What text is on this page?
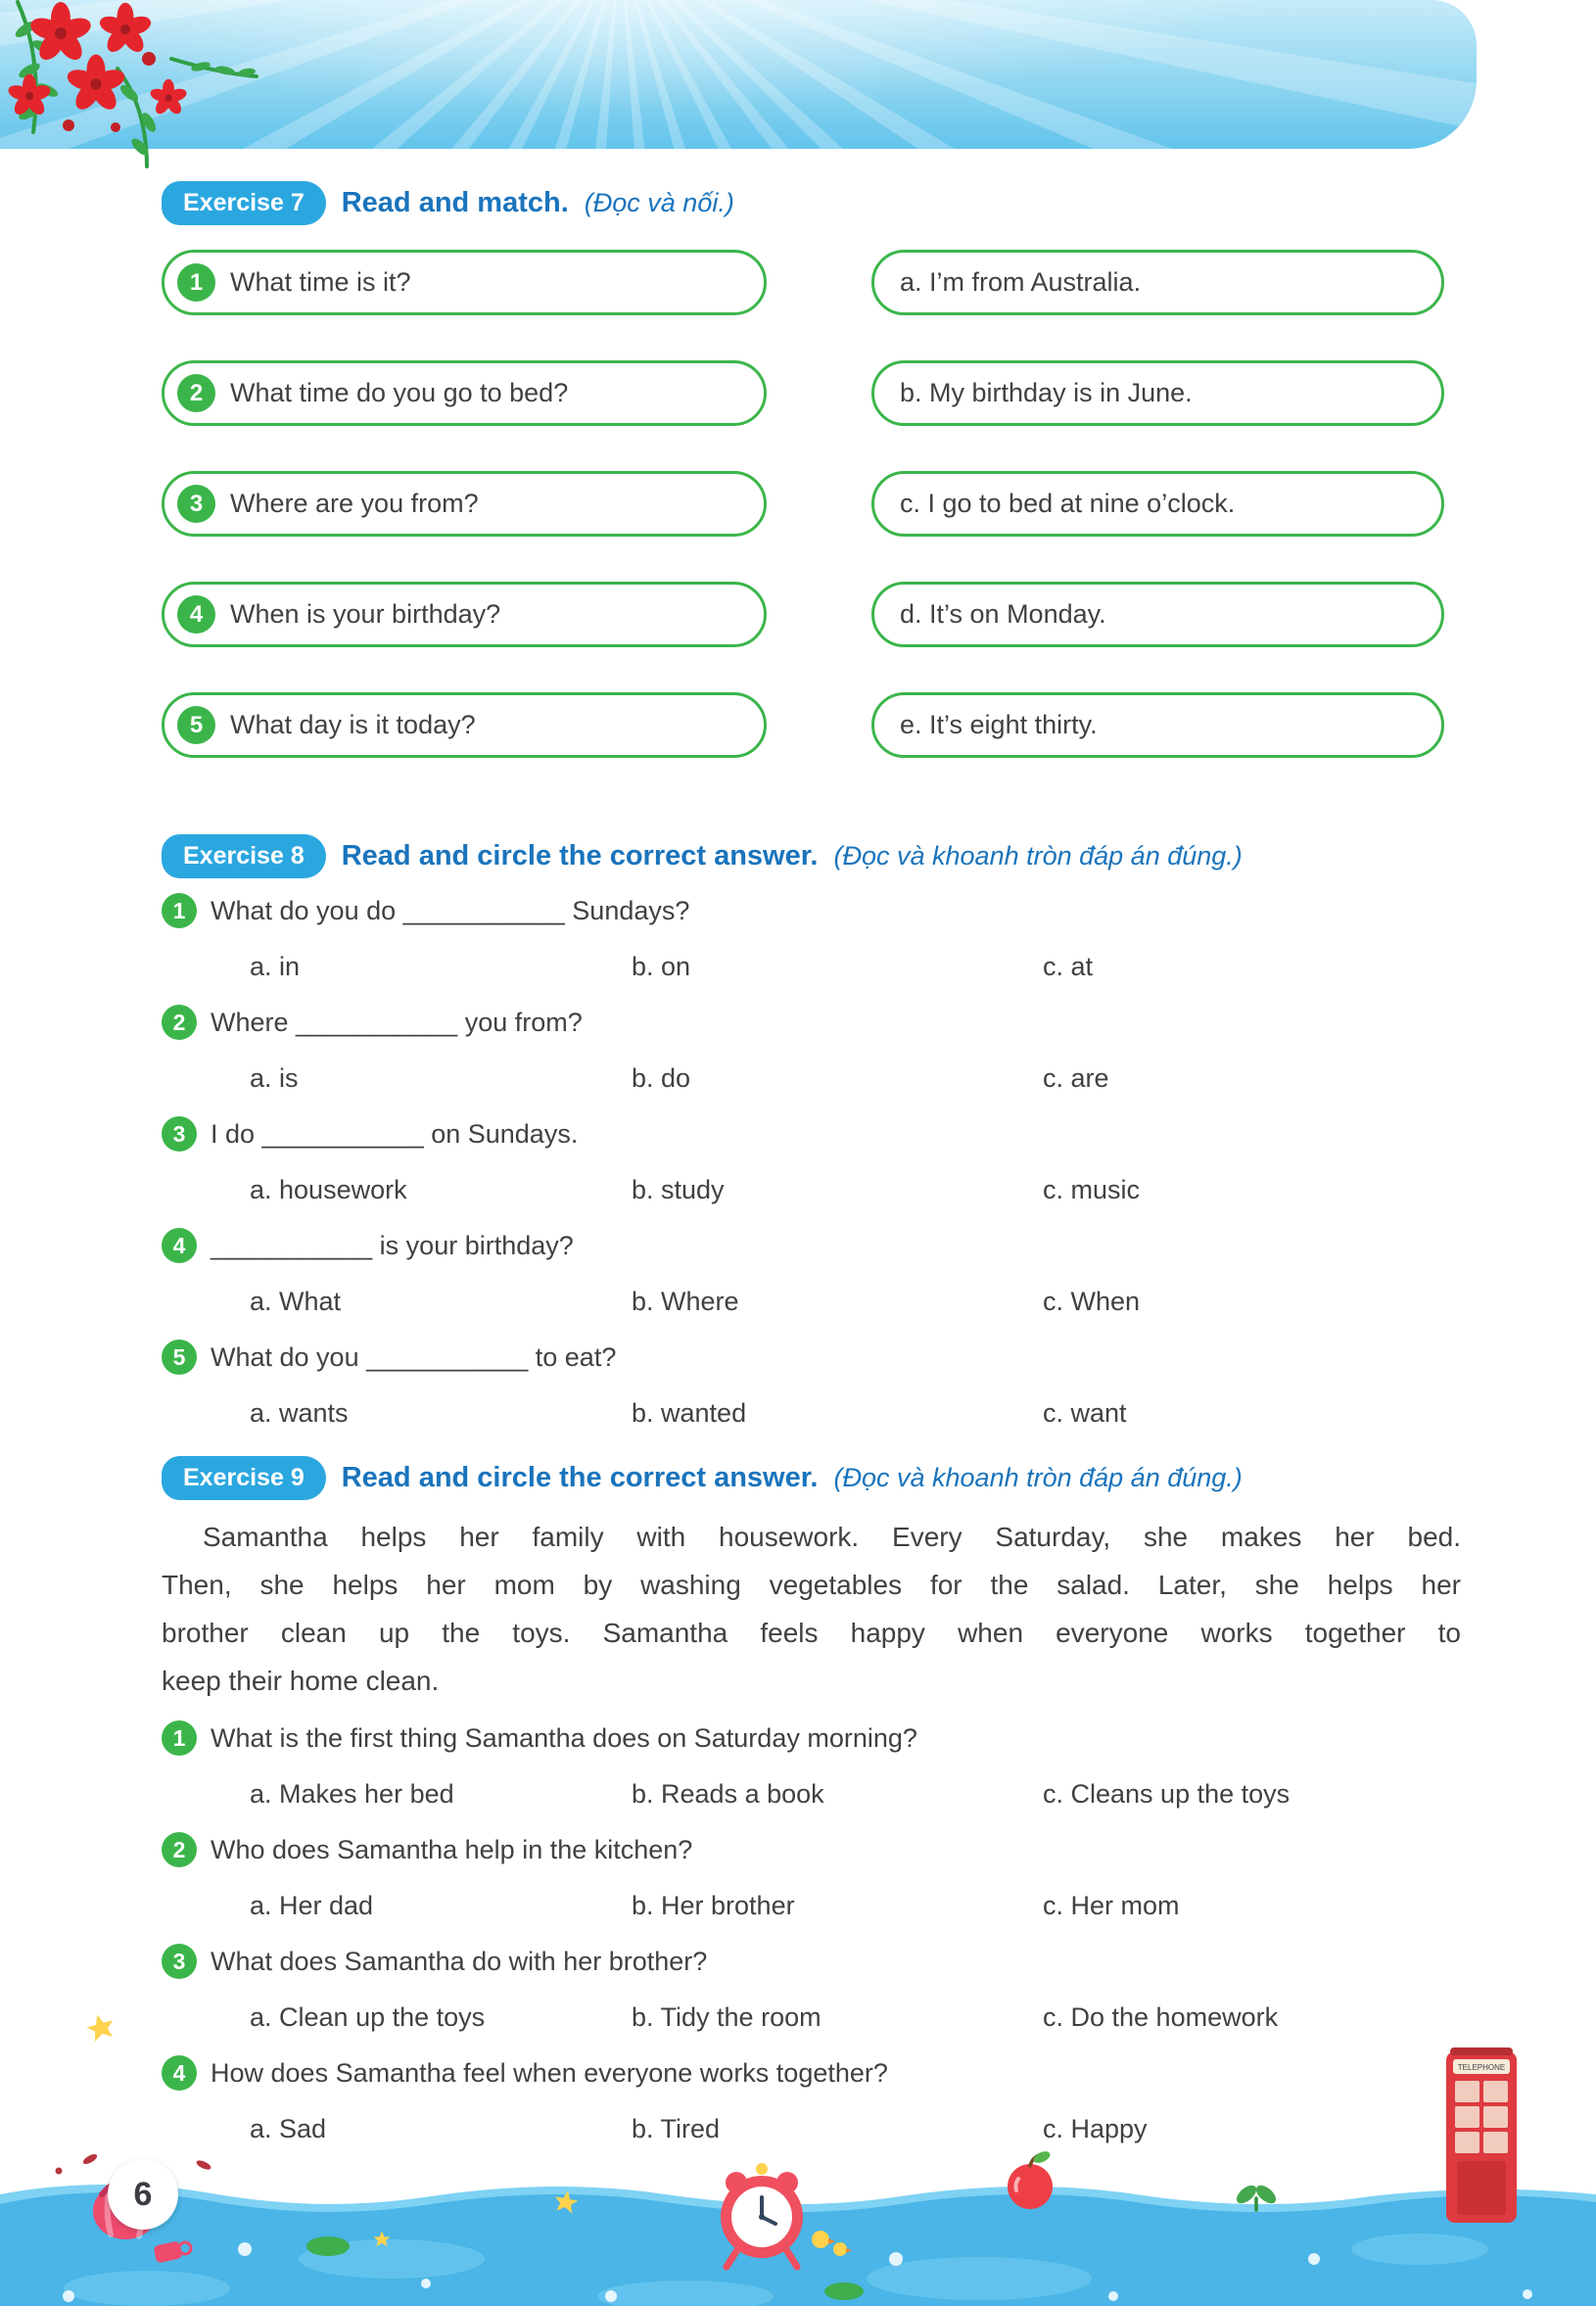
Exercise 7	Read and match. (Đọc và nối.)
1	What time is it?	a. I’m from Australia.
2	What time do you go to bed?	b. My birthday is in June.
3	Where are you from?	c. I go to bed at nine o’clock.
4	When is your birthday?	d. It’s on Monday.
5	What day is it today?	e. It’s eight thirty.
Exercise 8	Read and circle the correct answer. (Đọc và khoanh tròn đáp án đúng.)
1 What do you do ___________ Sundays?
a. in	b. on	c. at
2 Where ___________ you from?
a. is	b. do	c. are
3 I do ___________ on Sundays.
a. housework	b. study	c. music
4 ___________ is your birthday?
a. What	b. Where	c. When
5 What do you ___________ to eat?
a. wants	b. wanted	c. want
Exercise 9	Read and circle the correct answer. (Đọc và khoanh tròn đáp án đúng.)
Samantha helps her family with housework. Every Saturday, she makes her bed.
Then, she helps her mom by washing vegetables for the salad. Later, she helps her
brother clean up the toys. Samantha feels happy when everyone works together to
keep their home clean.
1 What is the first thing Samantha does on Saturday morning?
a. Makes her bed	b. Reads a book	c. Cleans up the toys
2 Who does Samantha help in the kitchen?
a. Her dad	b. Her brother	c. Her mom
3 What does Samantha do with her brother?
a. Clean up the toys	b. Tidy the room	c. Do the homework
4 How does Samantha feel when everyone works together?
a. Sad	b. Tired	c. Happy
TELEPHONE
6
